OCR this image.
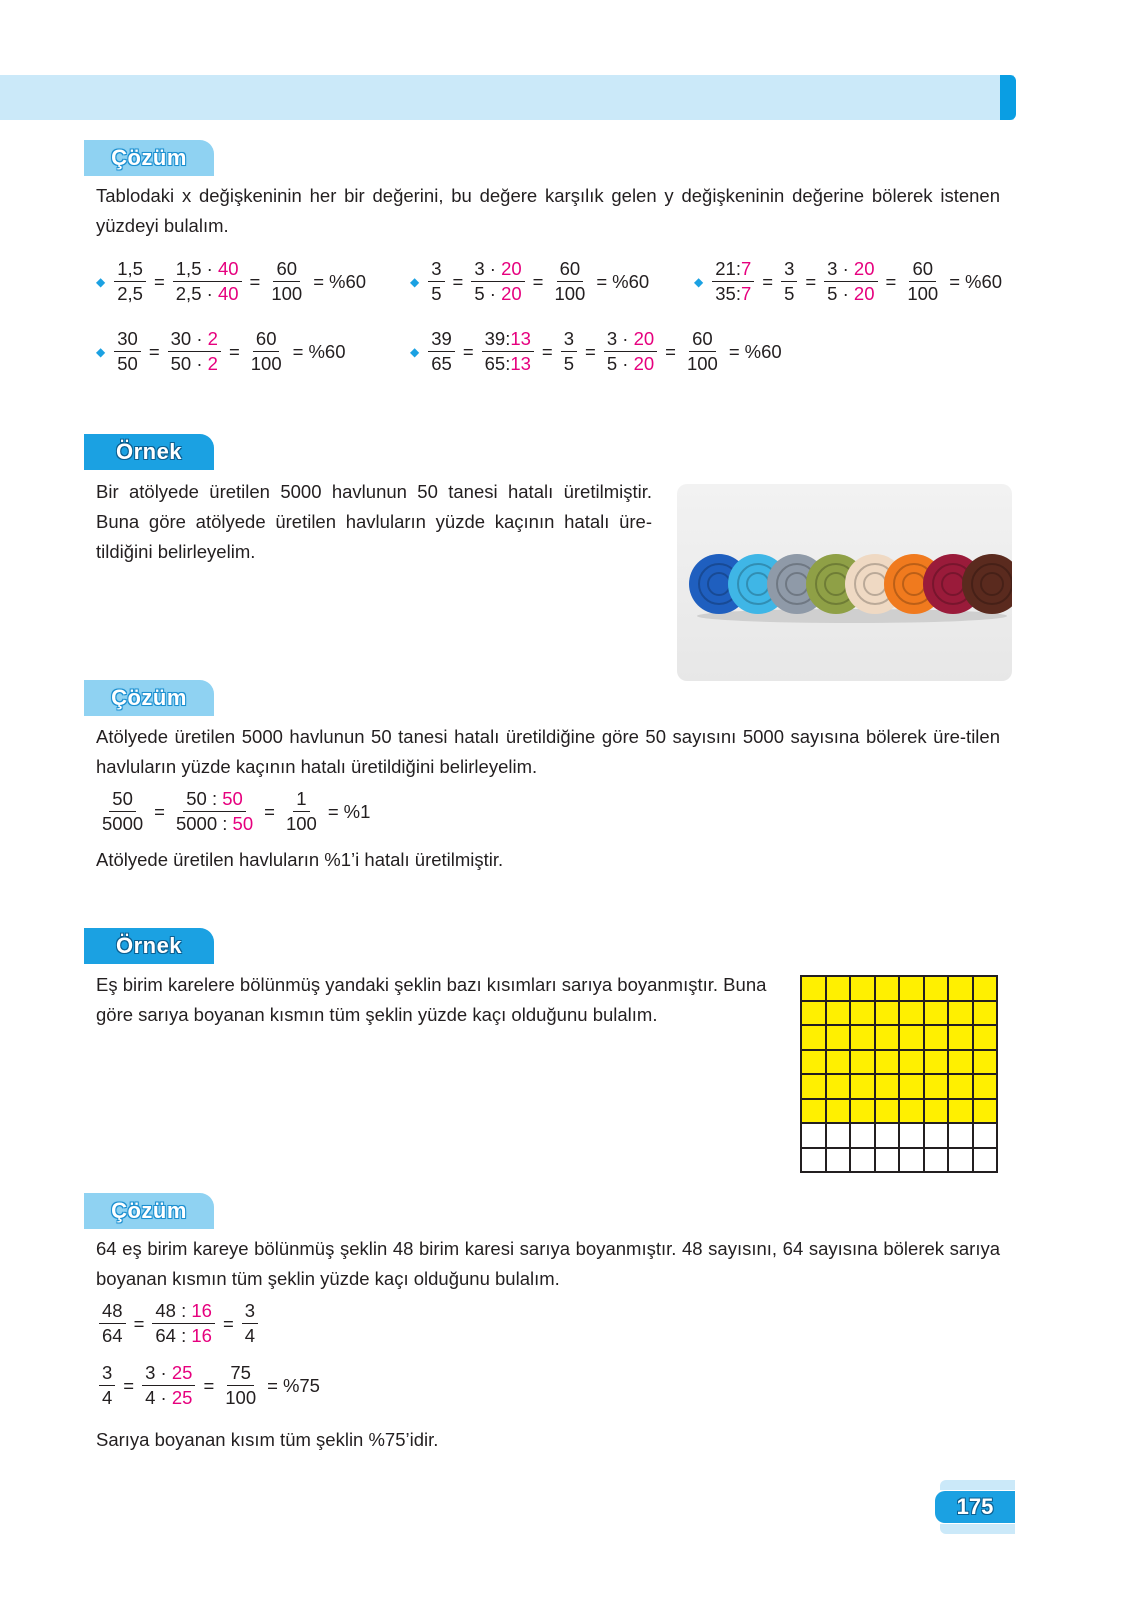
Çözüm
Tablodaki x değişkeninin her bir değerini, bu değere karşılık gelen y değişkeninin değerine bölerek istenen yüzdeyi bulalım.
◆ $\frac{1,5}{2,5} = \frac{1,5 \cdot 40}{2,5 \cdot 40} = \frac{60}{100} = \%60$	◆ $\frac{3}{5} = \frac{3 \cdot 20}{5 \cdot 20} = \frac{60}{100} = \%60$	◆ $\frac{21:7}{35:7} = \frac{3}{5} = \frac{3 \cdot 20}{5 \cdot 20} = \frac{60}{100} = \%60$
◆ $\frac{30}{50} = \frac{30 \cdot 2}{50 \cdot 2} = \frac{60}{100} = \%60$	◆ $\frac{39}{65} = \frac{39:13}{65:13} = \frac{3}{5} = \frac{3 \cdot 20}{5 \cdot 20} = \frac{60}{100} = \%60$
Örnek
Bir atölyede üretilen 5000 havlunun 50 tanesi hatalı üretilmiştir. Buna göre atölyede üretilen havluların yüzde kaçının hatalı üre-tildiğini belirleyelim.
Çözüm
Atölyede üretilen 5000 havlunun 50 tanesi hatalı üretildiğine göre 50 sayısını 5000 sayısına bölerek üre-tilen havluların yüzde kaçının hatalı üretildiğini belirleyelim.
$\frac{50}{5000} = \frac{50 : 50}{5000 : 50} = \frac{1}{100} = \%1$
Atölyede üretilen havluların %1’i hatalı üretilmiştir.
Örnek
Eş birim karelere bölünmüş yandaki şeklin bazı kısımları sarıya boyanmıştır. Buna göre sarıya boyanan kısmın tüm şeklin yüzde kaçı olduğunu bulalım.
Çözüm
64 eş birim kareye bölünmüş şeklin 48 birim karesi sarıya boyanmıştır. 48 sayısını, 64 sayısına bölerek sarıya boyanan kısmın tüm şeklin yüzde kaçı olduğunu bulalım.
$\frac{48}{64} = \frac{48 : 16}{64 : 16} = \frac{3}{4}$
$\frac{3}{4} = \frac{3 \cdot 25}{4 \cdot 25} = \frac{75}{100} = \%75$
Sarıya boyanan kısım tüm şeklin %75’idir.
175
